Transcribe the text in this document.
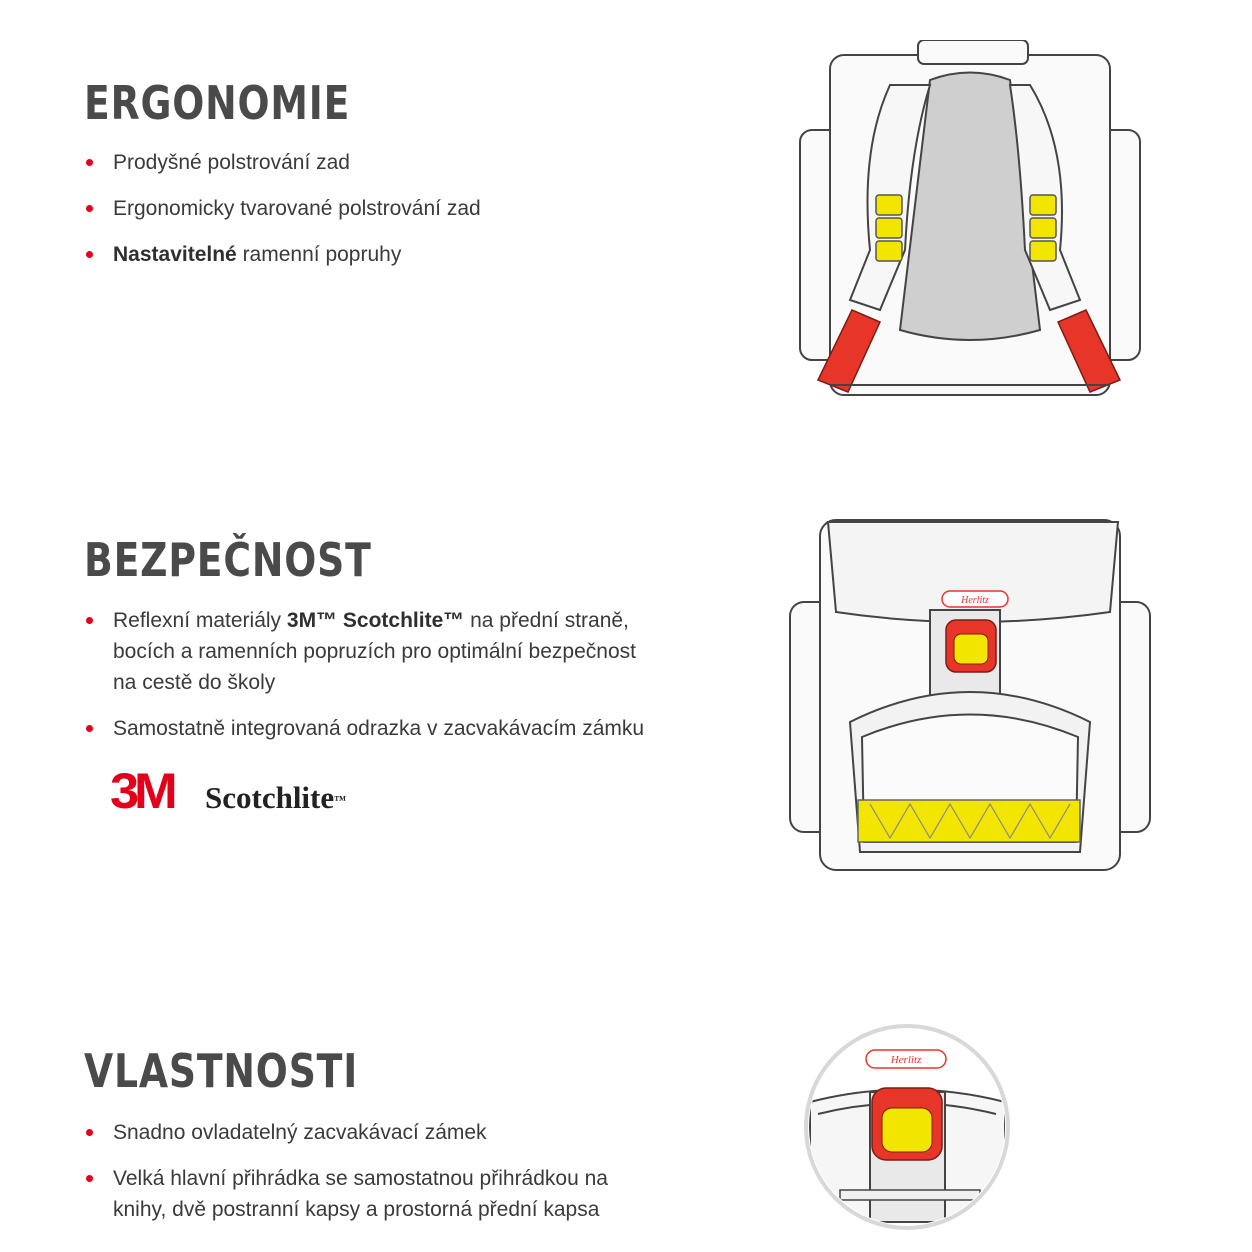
ERGONOMIE
Prodyšné polstrování zad
Ergonomicky tvarované polstrování zad
Nastavitelné ramenní popruhy
BEZPEČNOST
Reflexní materiály 3M™ Scotchlite™ na přední straně,
bocích a ramenních popruzích pro optimální bezpečnost
na cestě do školy
Samostatně integrovaná odrazka v zacvakávacím zámku
3M Scotchlite™
Herlitz
VLASTNOSTI
Snadno ovladatelný zacvakávací zámek
Velká hlavní přihrádka se samostatnou přihrádkou na
knihy, dvě postranní kapsy a prostorná přední kapsa
Herlitz
